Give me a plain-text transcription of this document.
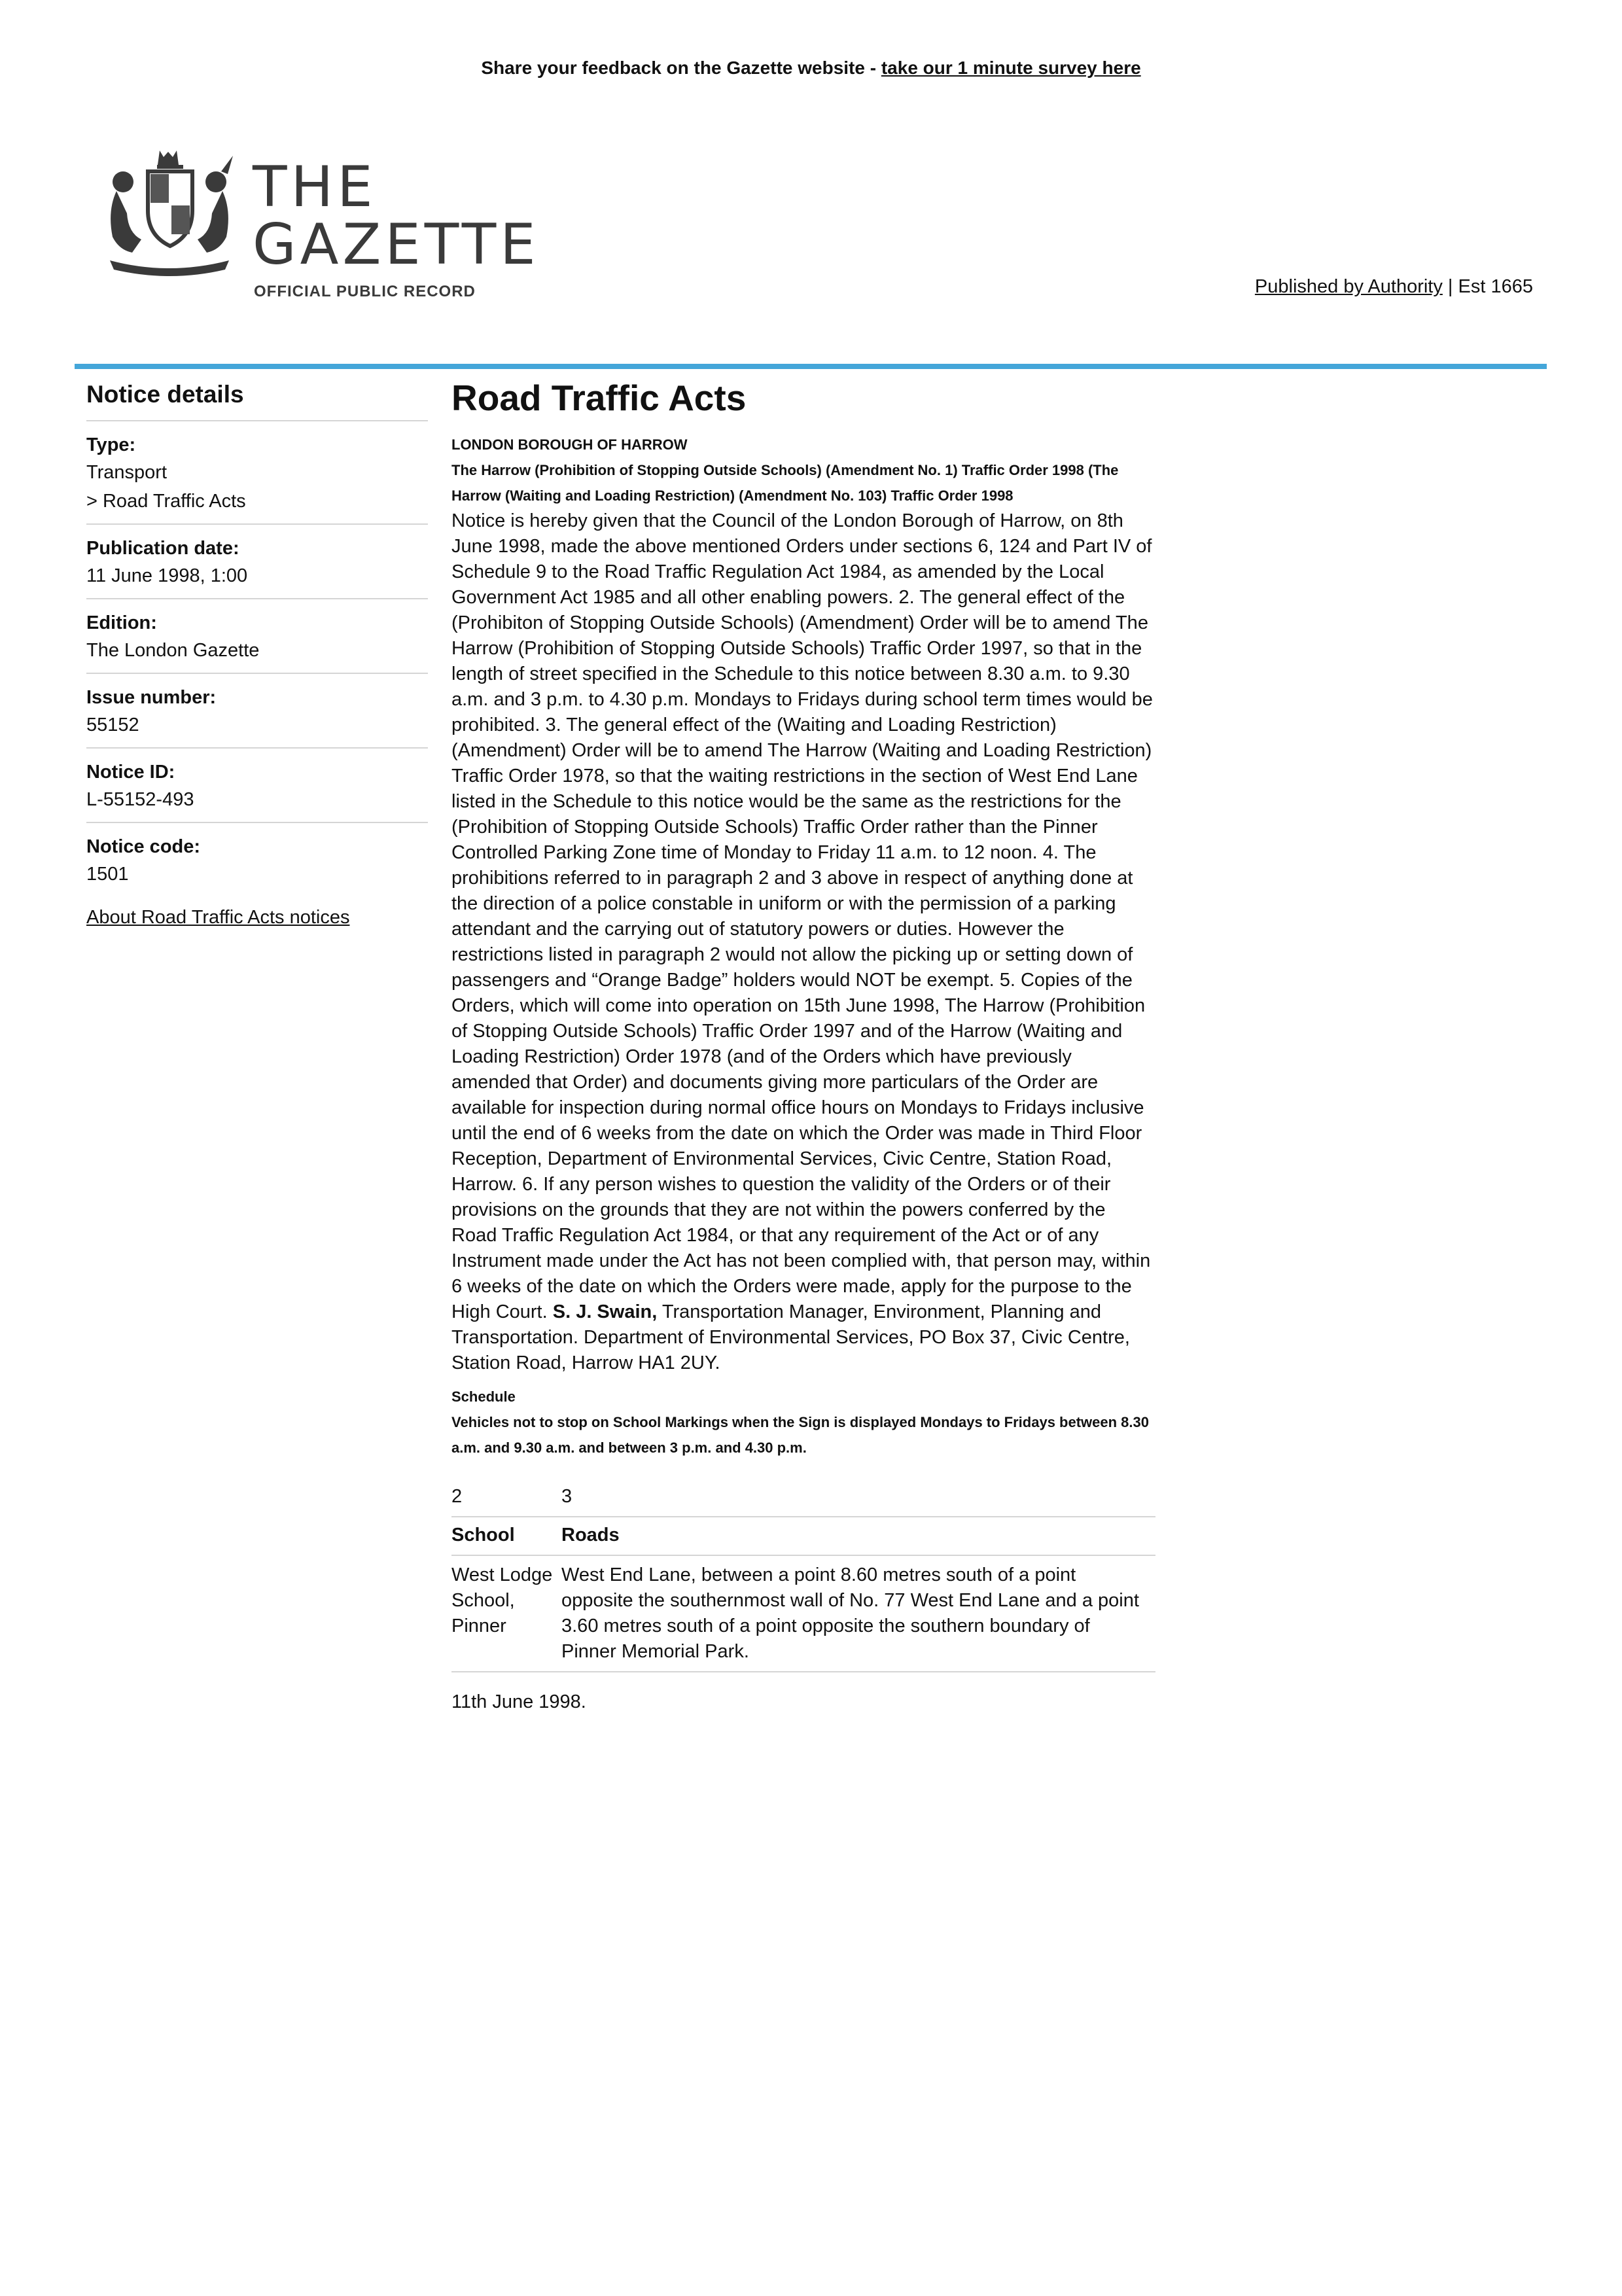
Share your feedback on the Gazette website - take our 1 minute survey here
THE
GAZETTE
OFFICIAL PUBLIC RECORD	Published by Authority | Est 1665
Notice details
Type:
Transport
> Road Traffic Acts
Publication date:
11 June 1998, 1:00
Edition:
The London Gazette
Issue number:
55152
Notice ID:
L-55152-493
Notice code:
1501
About Road Traffic Acts notices
Road Traffic Acts
LONDON BOROUGH OF HARROW
The Harrow (Prohibition of Stopping Outside Schools) (Amendment No. 1) Traffic Order 1998 (The Harrow (Waiting and Loading Restriction) (Amendment No. 103) Traffic Order 1998

Notice is hereby given that the Council of the London Borough of Harrow, on 8th June 1998, made the above mentioned Orders under sections 6, 124 and Part IV of Schedule 9 to the Road Traffic Regulation Act 1984, as amended by the Local Government Act 1985 and all other enabling powers. 2. The general effect of the (Prohibiton of Stopping Outside Schools) (Amendment) Order will be to amend The Harrow (Prohibition of Stopping Outside Schools) Traffic Order 1997, so that in the length of street specified in the Schedule to this notice between 8.30 a.m. to 9.30 a.m. and 3 p.m. to 4.30 p.m. Mondays to Fridays during school term times would be prohibited. 3. The general effect of the (Waiting and Loading Restriction) (Amendment) Order will be to amend The Harrow (Waiting and Loading Restriction) Traffic Order 1978, so that the waiting restrictions in the section of West End Lane listed in the Schedule to this notice would be the same as the restrictions for the (Prohibition of Stopping Outside Schools) Traffic Order rather than the Pinner Controlled Parking Zone time of Monday to Friday 11 a.m. to 12 noon. 4. The prohibitions referred to in paragraph 2 and 3 above in respect of anything done at the direction of a police constable in uniform or with the permission of a parking attendant and the carrying out of statutory powers or duties. However the restrictions listed in paragraph 2 would not allow the picking up or setting down of passengers and “Orange Badge” holders would NOT be exempt. 5. Copies of the Orders, which will come into operation on 15th June 1998, The Harrow (Prohibition of Stopping Outside Schools) Traffic Order 1997 and of the Harrow (Waiting and Loading Restriction) Order 1978 (and of the Orders which have previously amended that Order) and documents giving more particulars of the Order are available for inspection during normal office hours on Mondays to Fridays inclusive until the end of 6 weeks from the date on which the Order was made in Third Floor Reception, Department of Environmental Services, Civic Centre, Station Road, Harrow. 6. If any person wishes to question the validity of the Orders or of their provisions on the grounds that they are not within the powers conferred by the Road Traffic Regulation Act 1984, or that any requirement of the Act or of any Instrument made under the Act has not been complied with, that person may, within 6 weeks of the date on which the Orders were made, apply for the purpose to the High Court. S. J. Swain, Transportation Manager, Environment, Planning and Transportation. Department of Environmental Services, PO Box 37, Civic Centre, Station Road, Harrow HA1 2UY.

Schedule
Vehicles not to stop on School Markings when the Sign is displayed Mondays to Fridays between 8.30 a.m. and 9.30 a.m. and between 3 p.m. and 4.30 p.m.
2	3
School	Roads
West Lodge School, Pinner	West End Lane, between a point 8.60 metres south of a point opposite the southernmost wall of No. 77 West End Lane and a point 3.60 metres south of a point opposite the southern boundary of Pinner Memorial Park.
11th June 1998.
